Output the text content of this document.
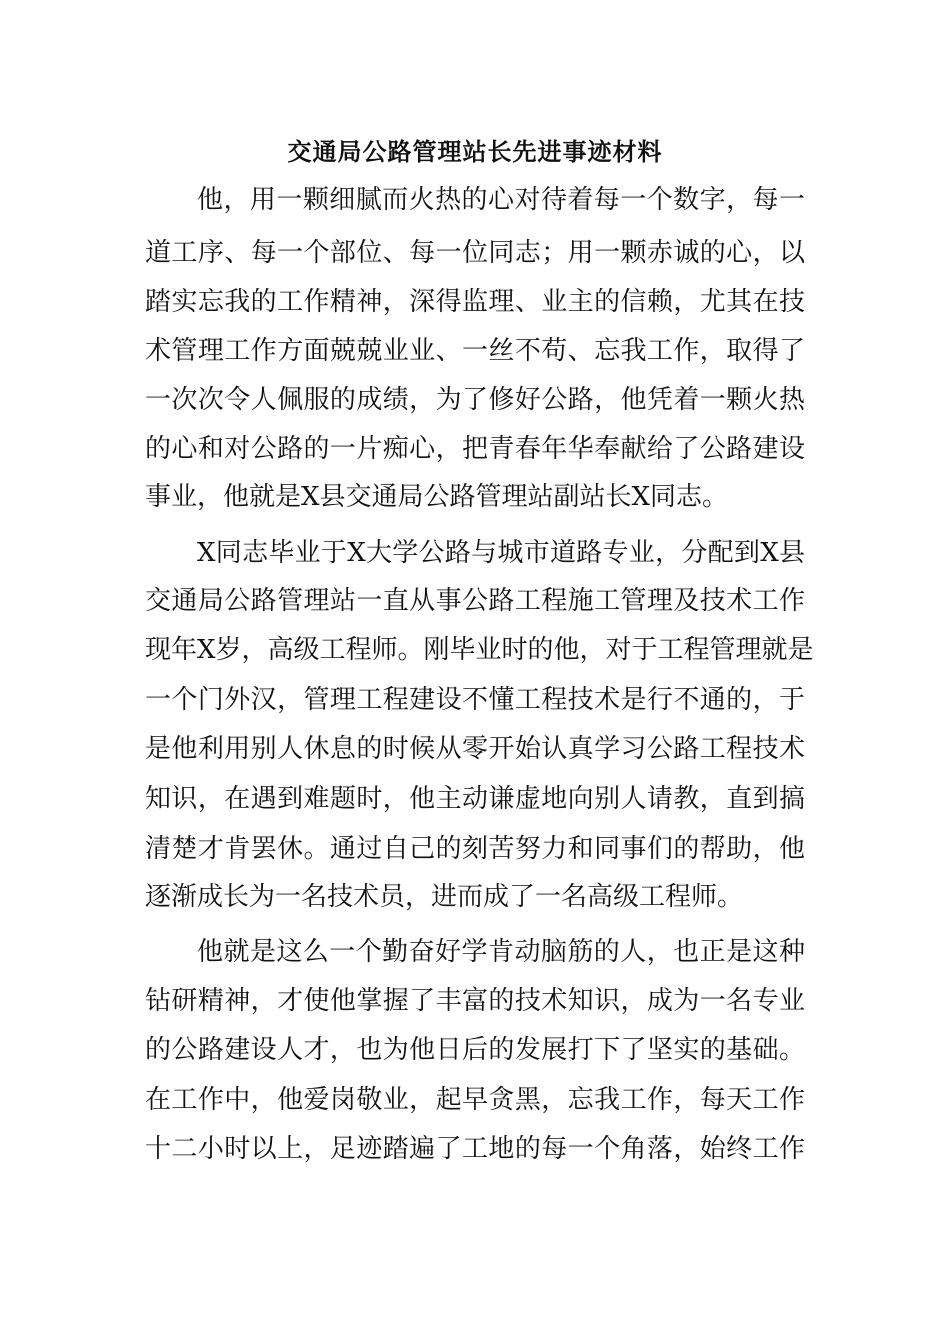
交通局公路管理站长先进事迹材料
他，用一颗细腻而火热的心对待着每一个数字，每一
道工序、每一个部位、每一位同志；用一颗赤诚的心，以
踏实忘我的工作精神，深得监理、业主的信赖，尤其在技
术管理工作方面兢兢业业、一丝不苟、忘我工作，取得了
一次次令人佩服的成绩，为了修好公路，他凭着一颗火热
的心和对公路的一片痴心，把青春年华奉献给了公路建设
事业，他就是X县交通局公路管理站副站长X同志。
X同志毕业于X大学公路与城市道路专业，分配到X县
交通局公路管理站一直从事公路工程施工管理及技术工作
现年X岁，高级工程师。刚毕业时的他，对于工程管理就是
一个门外汉，管理工程建设不懂工程技术是行不通的，于
是他利用别人休息的时候从零开始认真学习公路工程技术
知识，在遇到难题时，他主动谦虚地向别人请教，直到搞
清楚才肯罢休。通过自己的刻苦努力和同事们的帮助，他
逐渐成长为一名技术员，进而成了一名高级工程师。
他就是这么一个勤奋好学肯动脑筋的人，也正是这种
钻研精神，才使他掌握了丰富的技术知识，成为一名专业
的公路建设人才，也为他日后的发展打下了坚实的基础。
在工作中，他爱岗敬业，起早贪黑，忘我工作，每天工作
十二小时以上，足迹踏遍了工地的每一个角落，始终工作
